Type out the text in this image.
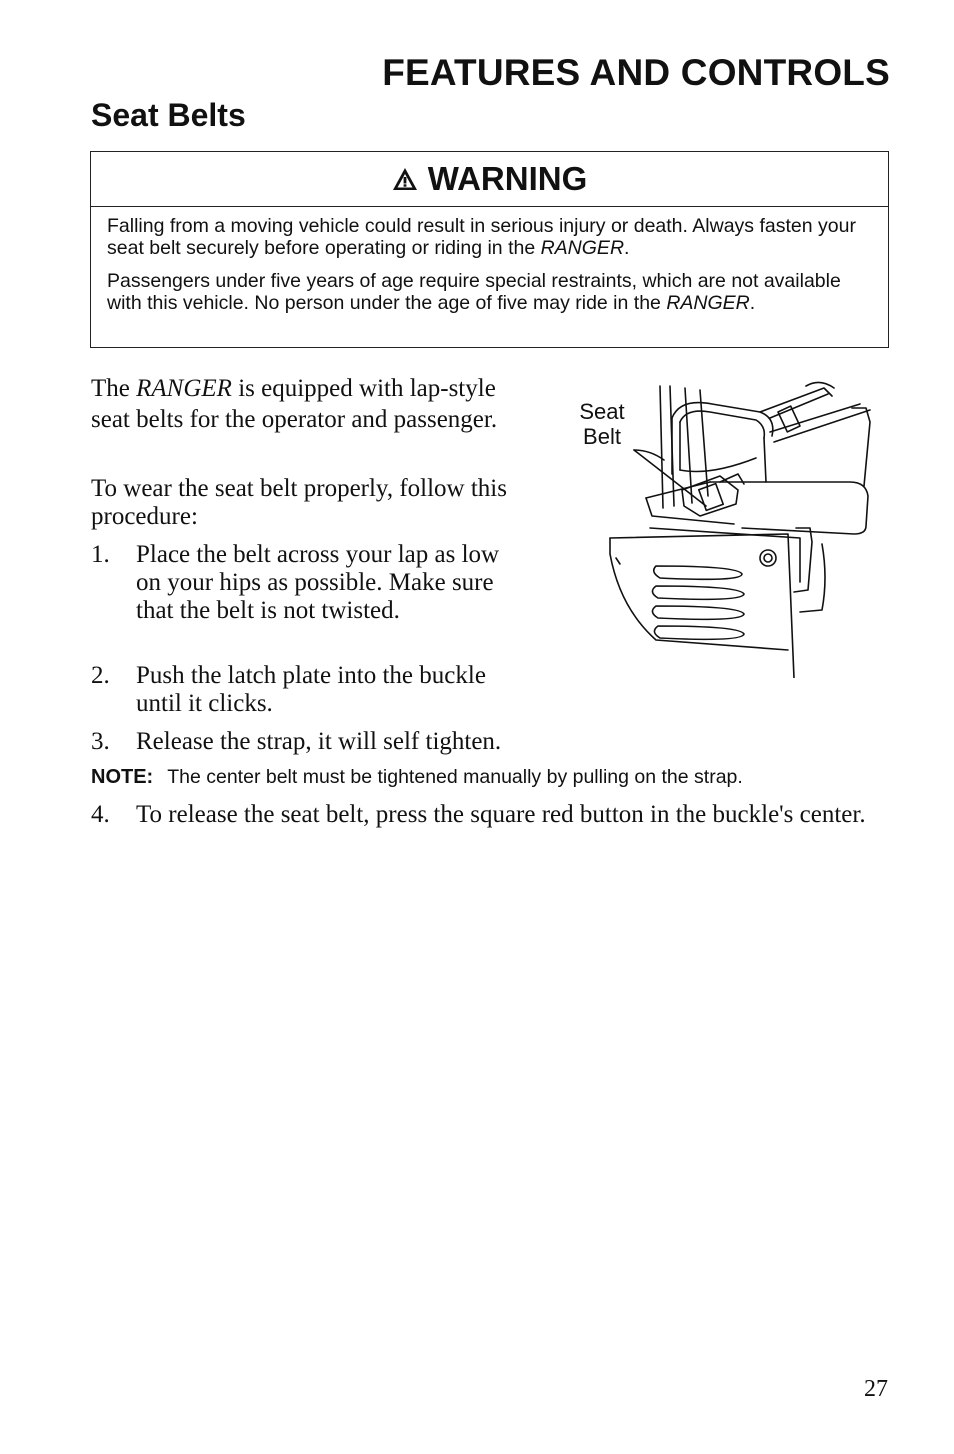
FEATURES AND CONTROLS
Seat Belts
WARNING

Falling from a moving vehicle could result in serious injury or death. Always fasten your seat belt securely before operating or riding in the RANGER.

Passengers under five years of age require special restraints, which are not available with this vehicle. No person under the age of five may ride in the RANGER.

The RANGER is equipped with lap-style seat belts for the operator and passenger.

To wear the seat belt properly, follow this procedure:

1.	Place the belt across your lap as low on your hips as possible. Make sure that the belt is not twisted.
2.	Push the latch plate into the buckle until it clicks.
3.	Release the strap, it will self tighten.

NOTE: The center belt must be tightened manually by pulling on the strap.

4.	To release the seat belt, press the square red button in the buckle's center.
Seat
Belt

27
